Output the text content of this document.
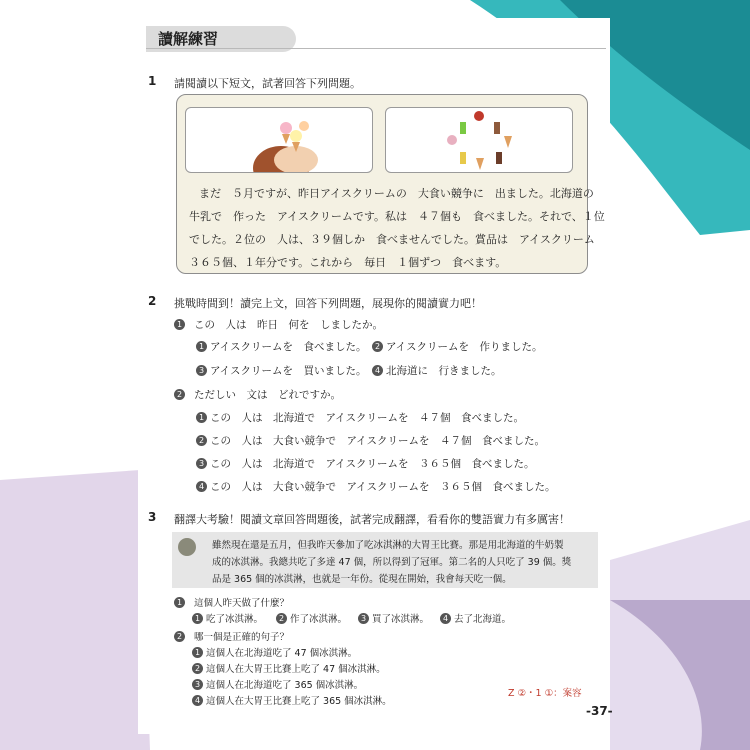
讀解練習
1 請閱讀以下短文，試著回答下列問題。
まだ　５月ですが、昨日アイスクリームの　大食い競争に　出ました。北海道の
牛乳で　作った　アイスクリームです。私は　４７個も　食べました。それで、１位
でした。２位の　人は、３９個しか　食べませんでした。賞品は　アイスクリーム
３６５個、１年分です。これから　毎日　１個ずつ　食べます。
2 挑戰時間到！讀完上文，回答下列問題，展現你的閱讀實力吧！
1 この　人は　昨日　何を　しましたか。
1 アイスクリームを　食べました。	2 アイスクリームを　作りました。
3 アイスクリームを　買いました。	4 北海道に　行きました。
2 ただしい　文は　どれですか。
1 この　人は　北海道で　アイスクリームを　４７個　食べました。
2 この　人は　大食い競争で　アイスクリームを　４７個　食べました。
3 この　人は　北海道で　アイスクリームを　３６５個　食べました。
4 この　人は　大食い競争で　アイスクリームを　３６５個　食べました。
3 翻譯大考驗！閱讀文章回答問題後，試著完成翻譯，看看你的雙語實力有多厲害！
雖然現在還是五月，但我昨天參加了吃冰淇淋的大胃王比賽。那是用北海道的牛奶製
成的冰淇淋。我總共吃了多達 47 個，所以得到了冠軍。第二名的人只吃了 39 個。獎
品是 365 個的冰淇淋，也就是一年份。從現在開始，我會每天吃一個。
1 這個人昨天做了什麼？
1 吃了冰淇淋。	2 作了冰淇淋。	3 買了冰淇淋。	4 去了北海道。
2 哪一個是正確的句子？
1 這個人在北海道吃了 47 個冰淇淋。
2 這個人在大胃王比賽上吃了 47 個冰淇淋。
3 這個人在北海道吃了 365 個冰淇淋。
4 這個人在大胃王比賽上吃了 365 個冰淇淋。
Z ②・1 ①：案容
-37-
